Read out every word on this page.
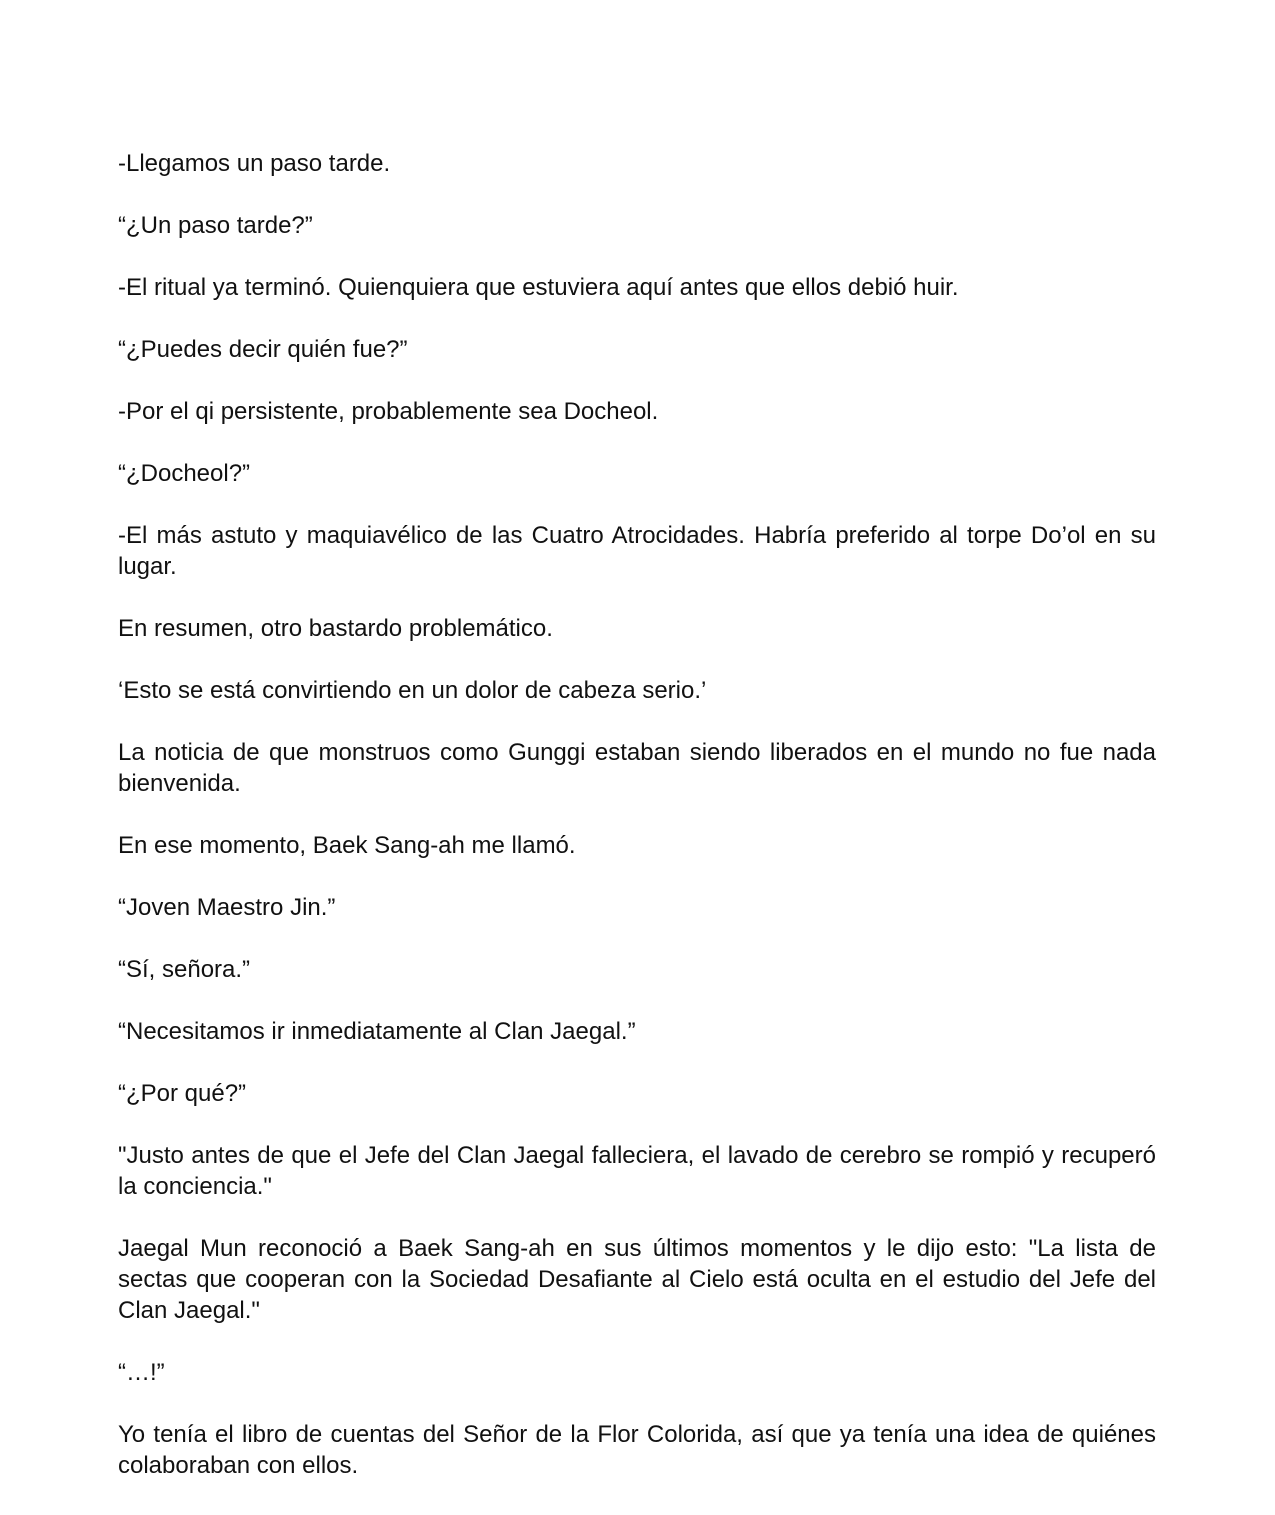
-Llegamos un paso tarde.

“¿Un paso tarde?”

-El ritual ya terminó. Quienquiera que estuviera aquí antes que ellos debió huir.

“¿Puedes decir quién fue?”

-Por el qi persistente, probablemente sea Docheol.

“¿Docheol?”

-El más astuto y maquiavélico de las Cuatro Atrocidades. Habría preferido al torpe Do’ol en su lugar.

En resumen, otro bastardo problemático.

‘Esto se está convirtiendo en un dolor de cabeza serio.’

La noticia de que monstruos como Gunggi estaban siendo liberados en el mundo no fue nada bienvenida.

En ese momento, Baek Sang-ah me llamó.

“Joven Maestro Jin.”

“Sí, señora.”

“Necesitamos ir inmediatamente al Clan Jaegal.”

“¿Por qué?”

"Justo antes de que el Jefe del Clan Jaegal falleciera, el lavado de cerebro se rompió y recuperó la conciencia."

Jaegal Mun reconoció a Baek Sang-ah en sus últimos momentos y le dijo esto: "La lista de sectas que cooperan con la Sociedad Desafiante al Cielo está oculta en el estudio del Jefe del Clan Jaegal."

“…!”

Yo tenía el libro de cuentas del Señor de la Flor Colorida, así que ya tenía una idea de quiénes colaboraban con ellos.
